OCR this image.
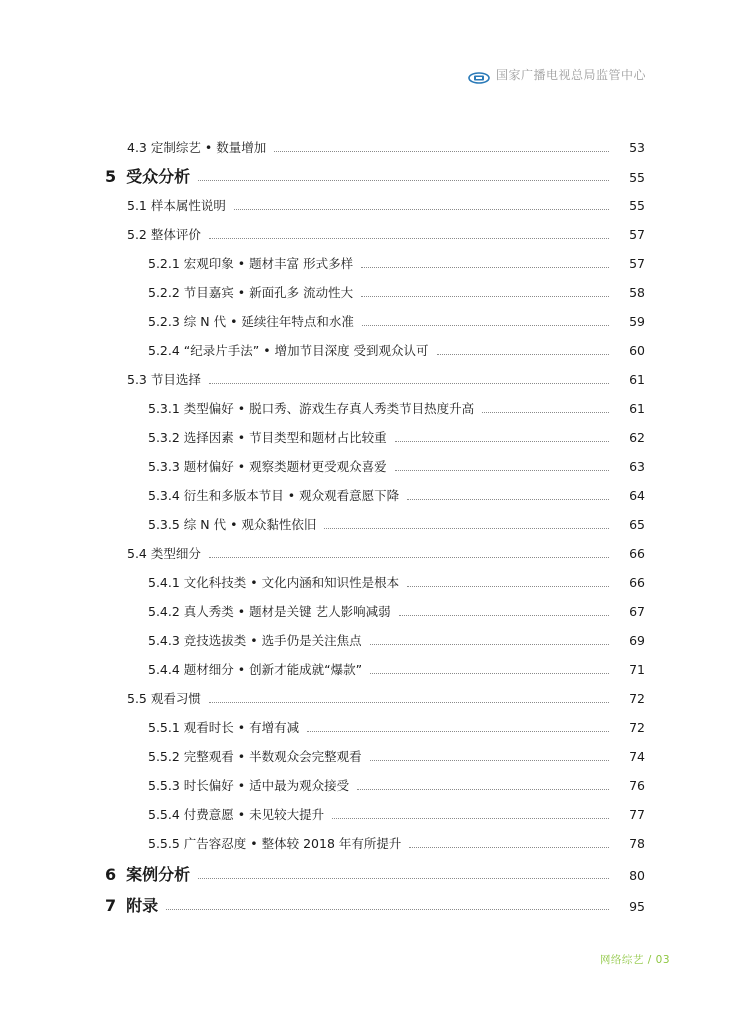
国家广播电视总局监管中心
4.3 定制综艺 • 数量增加	53
5 受众分析	55
5.1 样本属性说明	55
5.2 整体评价	57
5.2.1 宏观印象 • 题材丰富 形式多样	57
5.2.2 节目嘉宾 • 新面孔多 流动性大	58
5.2.3 综 N 代 • 延续往年特点和水准	59
5.2.4 “纪录片手法” • 增加节目深度 受到观众认可	60
5.3 节目选择	61
5.3.1 类型偏好 • 脱口秀、游戏生存真人秀类节目热度升高	61
5.3.2 选择因素 • 节目类型和题材占比较重	62
5.3.3 题材偏好 • 观察类题材更受观众喜爱	63
5.3.4 衍生和多版本节目 • 观众观看意愿下降	64
5.3.5 综 N 代 • 观众黏性依旧	65
5.4 类型细分	66
5.4.1 文化科技类 • 文化内涵和知识性是根本	66
5.4.2 真人秀类 • 题材是关键 艺人影响减弱	67
5.4.3 竞技选拔类 • 选手仍是关注焦点	69
5.4.4 题材细分 • 创新才能成就“爆款”	71
5.5 观看习惯	72
5.5.1 观看时长 • 有增有减	72
5.5.2 完整观看 • 半数观众会完整观看	74
5.5.3 时长偏好 • 适中最为观众接受	76
5.5.4 付费意愿 • 未见较大提升	77
5.5.5 广告容忍度 • 整体较 2018 年有所提升	78
6 案例分析	80
7 附录	95
网络综艺 / 03
